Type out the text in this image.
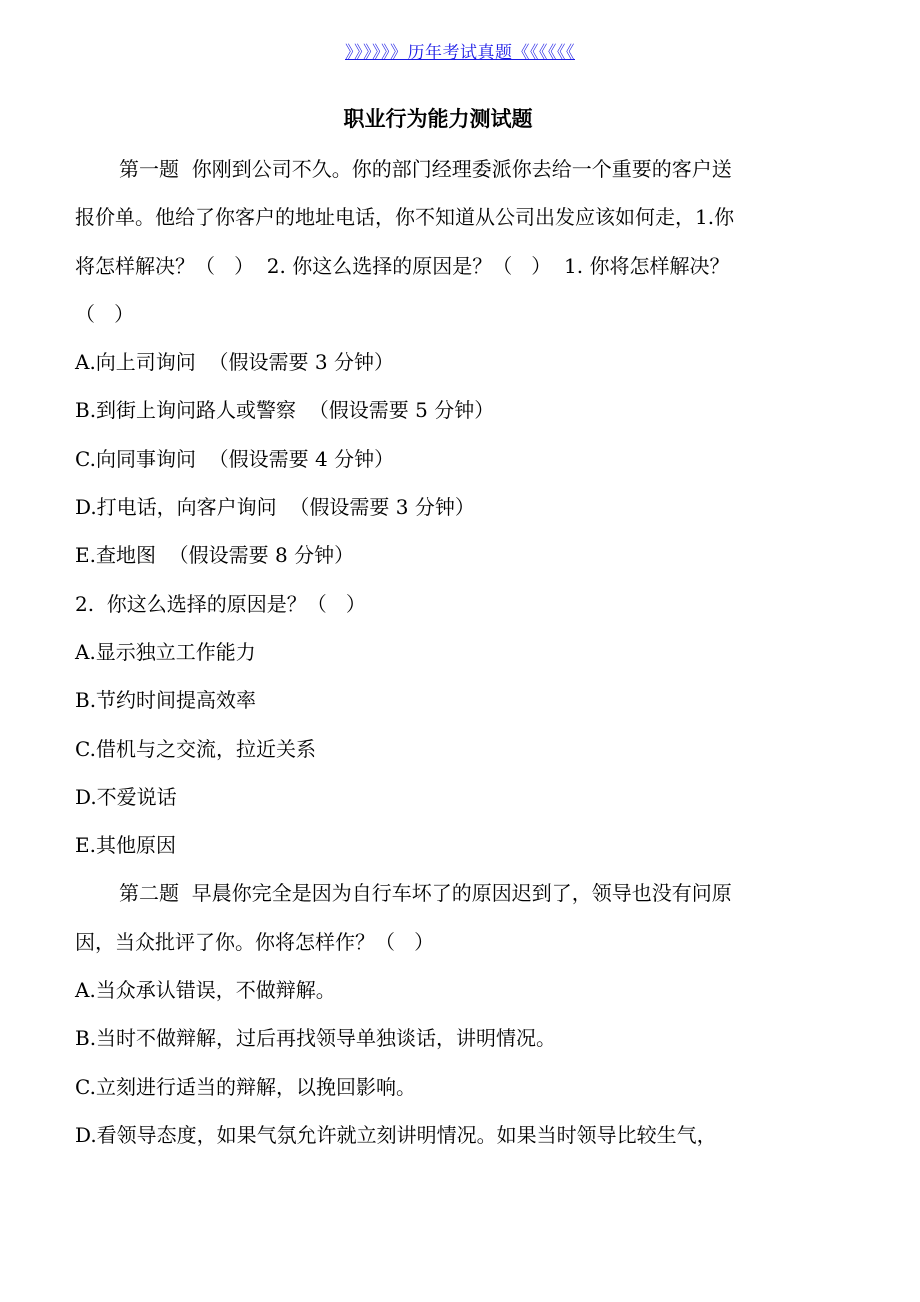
》》》》》》历年考试真题《《《《《《
职业行为能力测试题
第一题  你刚到公司不久。你的部门经理委派你去给一个重要的客户送
报价单。他给了你客户的地址电话，你不知道从公司出发应该如何走，1.你
将怎样解决？（   ）  2. 你这么选择的原因是？（   ）  1. 你将怎样解决？
（   ）
A.向上司询问  （假设需要 3 分钟）
B.到街上询问路人或警察  （假设需要 5 分钟）
C.向同事询问  （假设需要 4 分钟）
D.打电话，向客户询问  （假设需要 3 分钟）
E.查地图  （假设需要 8 分钟）
2.  你这么选择的原因是？（   ）
A.显示独立工作能力
B.节约时间提高效率
C.借机与之交流，拉近关系
D.不爱说话
E.其他原因
第二题  早晨你完全是因为自行车坏了的原因迟到了，领导也没有问原
因，当众批评了你。你将怎样作？（   ）
A.当众承认错误，不做辩解。
B.当时不做辩解，过后再找领导单独谈话，讲明情况。
C.立刻进行适当的辩解，以挽回影响。
D.看领导态度，如果气氛允许就立刻讲明情况。如果当时领导比较生气，
